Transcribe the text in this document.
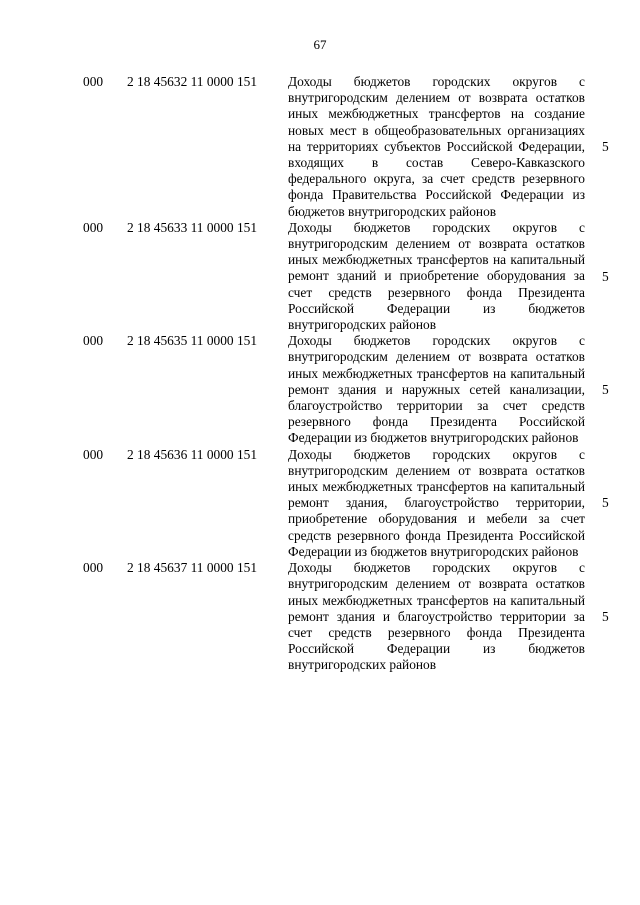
67
000 2 18 45632 11 0000 151 Доходы бюджетов городских округов с внутригородским делением от возврата остатков иных межбюджетных трансфертов на создание новых мест в общеобразовательных организациях на территориях субъектов Российской Федерации, входящих в состав Северо-Кавказского федерального округа, за счет средств резервного фонда Правительства Российской Федерации из бюджетов внутригородских районов
5
000 2 18 45633 11 0000 151 Доходы бюджетов городских округов с внутригородским делением от возврата остатков иных межбюджетных трансфертов на капитальный ремонт зданий и приобретение оборудования за счет средств резервного фонда Президента Российской Федерации из бюджетов внутригородских районов
5
000 2 18 45635 11 0000 151 Доходы бюджетов городских округов с внутригородским делением от возврата остатков иных межбюджетных трансфертов на капитальный ремонт здания и наружных сетей канализации, благоустройство территории за счет средств резервного фонда Президента Российской Федерации из бюджетов внутригородских районов
5
000 2 18 45636 11 0000 151 Доходы бюджетов городских округов с внутригородским делением от возврата остатков иных межбюджетных трансфертов на капитальный ремонт здания, благоустройство территории, приобретение оборудования и мебели за счет средств резервного фонда Президента Российской Федерации из бюджетов внутригородских районов
5
000 2 18 45637 11 0000 151 Доходы бюджетов городских округов с внутригородским делением от возврата остатков иных межбюджетных трансфертов на капитальный ремонт здания и благоустройство территории за счет средств резервного фонда Президента Российской Федерации из бюджетов внутригородских районов
5
